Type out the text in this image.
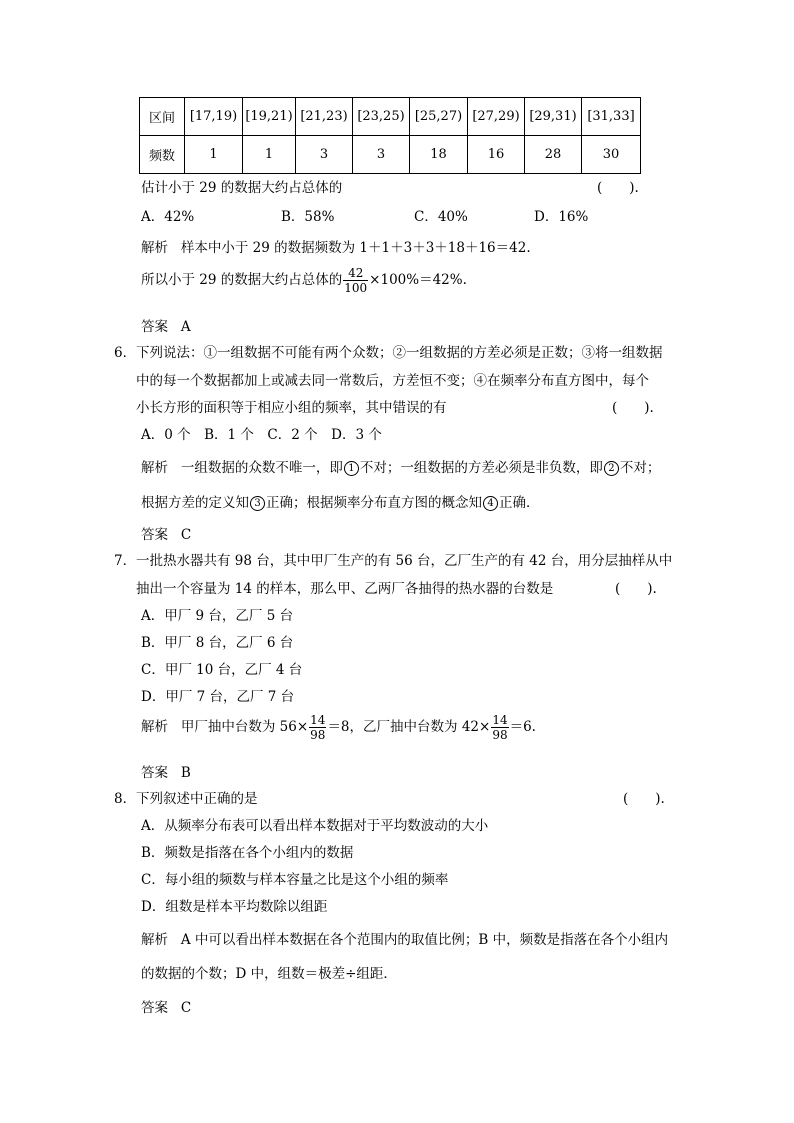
区间	[17,19)	[19,21)	[21,23)	[23,25)	[25,27)	[27,29)	[29,31)	[31,33]
频数	1	1	3	3	18	16	28	30
估计小于 29 的数据大约占总体的	(　　).
A．42%	B．58%	C．40%	D．16%
解析 样本中小于 29 的数据频数为 1＋1＋3＋3＋18＋16＝42.
所以小于 29 的数据大约占总体的 $\frac{42}{100} \times 100\%=42\%$.
答案 A
6． 下列说法：①一组数据不可能有两个众数；②一组数据的方差必须是正数；③将一组数据
中的每一个数据都加上或减去同一常数后，方差恒不变；④在频率分布直方图中，每个
小长方形的面积等于相应小组的频率，其中错误的有	(　　).
A．0 个　B．1 个　C．2 个　D．3 个
解析 一组数据的众数不唯一，即 1 不对；一组数据的方差必须是非负数，即 2 不对；
根据方差的定义知 3 正确；根据频率分布直方图的概念知 4 正确．
答案 C
7． 一批热水器共有 98 台，其中甲厂生产的有 56 台，乙厂生产的有 42 台，用分层抽样从中
抽出一个容量为 14 的样本，那么甲、乙两厂各抽得的热水器的台数是	(　　).
A．甲厂 9 台，乙厂 5 台
B．甲厂 8 台，乙厂 6 台
C．甲厂 10 台，乙厂 4 台
D．甲厂 7 台，乙厂 7 台
解析 甲厂抽中台数为 $56\times \frac{14}{98} =8$，乙厂抽中台数为 $42\times \frac{14}{98} =6$.
答案 B
8． 下列叙述中正确的是	(　　).
A．从频率分布表可以看出样本数据对于平均数波动的大小
B．频数是指落在各个小组内的数据
C．每小组的频数与样本容量之比是这个小组的频率
D．组数是样本平均数除以组距
解析 A 中可以看出样本数据在各个范围内的取值比例；B 中，频数是指落在各个小组内
的数据的个数；D 中，组数＝极差÷组距．
答案 C
